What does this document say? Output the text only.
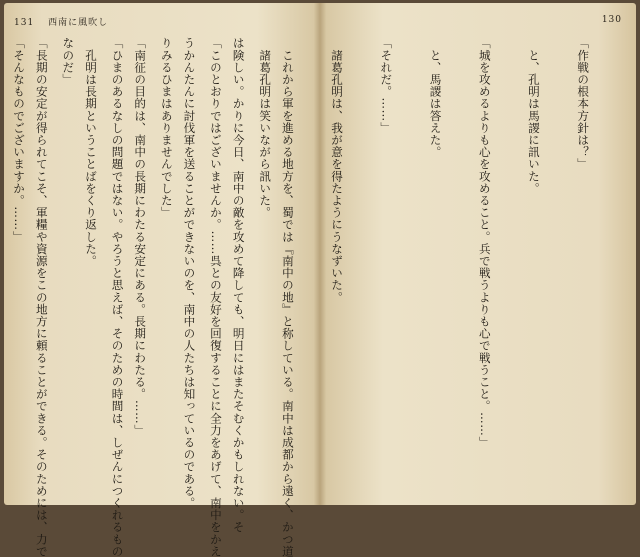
131 西南に風吹し

　諸葛孔明は笑いながら訊いた。

「このとおりではございませんか。……呉との友好を回復することに全力をあげて、南中をかえ

りみるひまはありませんでした」

「ひまのあるなしの問題ではない。やろうと思えば、そのための時間は、しぜんにつくれるもの

なのだ」

「そんなものでございますか。……」

130

「作戦の根本方針は？」

　と、孔明は馬謖に訊いた。

「城を攻めるよりも心を攻めること。兵で戦うよりも心で戦うこと。……」

　と、馬謖は答えた。

「それだ。……」

　諸葛孔明は、我が意を得たようにうなずいた。

　これから軍を進める地方を、蜀では『南中の地』と称している。南中は成都から遠く、かつ道

は険しい。かりに今日、南中の敵を攻めて降しても、明日にはまたそむくかもしれない。そ

うかんたんに討伐軍を送ることができないのを、南中の人たちは知っているのである。

「南征の目的は、南中の長期にわたる安定にある。長期にわたる。……」

　孔明は長期ということばをくり返した。

「長期の安定が得られてこそ、軍糧や資源をこの地方に頼ることができる。そのためには、力で
